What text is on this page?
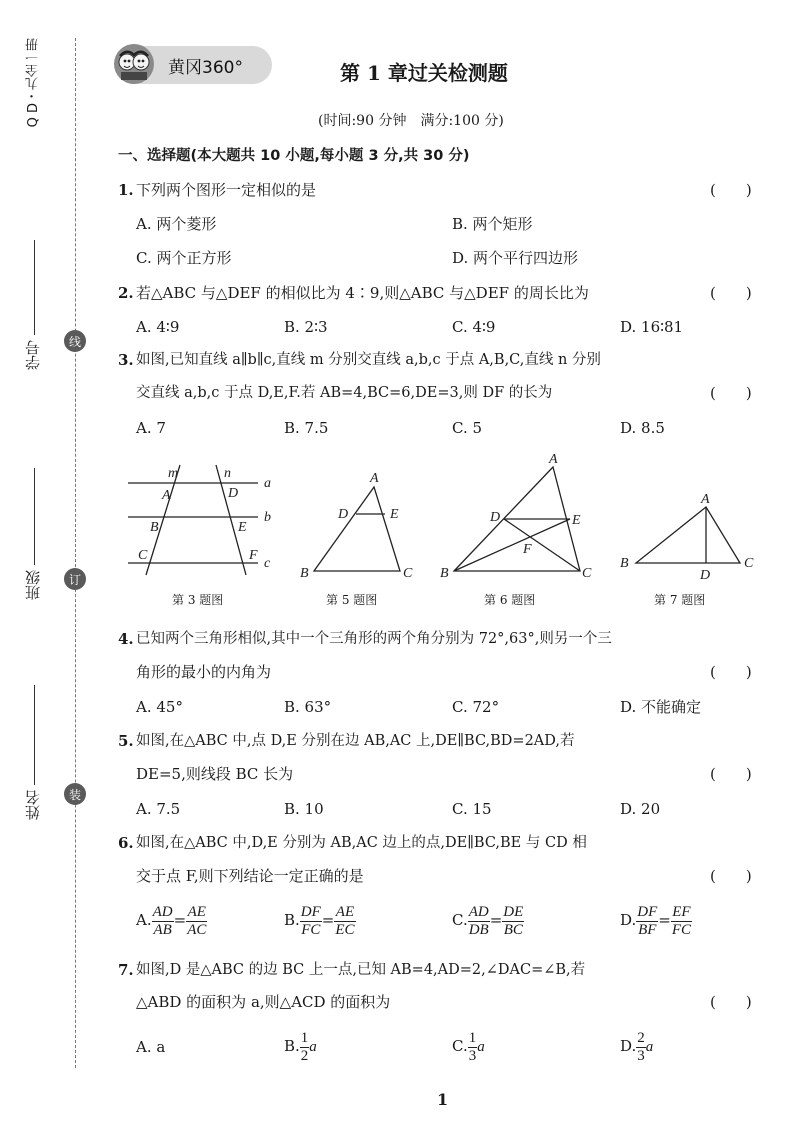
Q D・九全一册
学号
班级
姓名
线
订
装
黄冈360°	第 1 章过关检测题
(时间:90 分钟　满分:100 分)
一、选择题(本大题共 10 小题,每小题 3 分,共 30 分)
1. 下列两个图形一定相似的是	(　　)
A. 两个菱形	B. 两个矩形
C. 两个正方形	D. 两个平行四边形
2. 若△ABC 与△DEF 的相似比为 4∶9,则△ABC 与△DEF 的周长比为	(　　)
A. 4∶9	B. 2∶3	C. 4∶9	D. 16∶81
3. 如图,已知直线 a∥b∥c,直线 m 分别交直线 a,b,c 于点 A,B,C,直线 n 分别
交直线 a,b,c 于点 D,E,F.若 AB=4,BC=6,DE=3,则 DF 的长为	(　　)
A. 7	B. 7.5	C. 5	D. 8.5
m	n
a
b
c
A
B
C
D
E
F
A
D	E
B	C
A
D	E
F
B	C
A
B
D
C
第 3 题图	第 5 题图	第 6 题图	第 7 题图
4. 已知两个三角形相似,其中一个三角形的两个角分别为 72°,63°,则另一个三
角形的最小的内角为	(　　)
A. 45°	B. 63°	C. 72°	D. 不能确定
5. 如图,在△ABC 中,点 D,E 分别在边 AB,AC 上,DE∥BC,BD=2AD,若
DE=5,则线段 BC 长为	(　　)
A. 7.5	B. 10	C. 15	D. 20
6. 如图,在△ABC 中,D,E 分别为 AB,AC 边上的点,DE∥BC,BE 与 CD 相
交于点 F,则下列结论一定正确的是	(　　)
A. $\frac{AD}{AB} = \frac{AE}{AC}$	B. $\frac{DF}{FC} = \frac{AE}{EC}$	C. $\frac{AD}{DB} = \frac{DE}{BC}$	D. $\frac{DF}{BF} = \frac{EF}{FC}$
7. 如图,D 是△ABC 的边 BC 上一点,已知 AB=4,AD=2,∠DAC=∠B,若
△ABD 的面积为 a,则△ACD 的面积为	(　　)
A. a	B. $\frac{1}{2}$ a	C. $\frac{1}{3}$ a	D. $\frac{2}{3}$ a
1
